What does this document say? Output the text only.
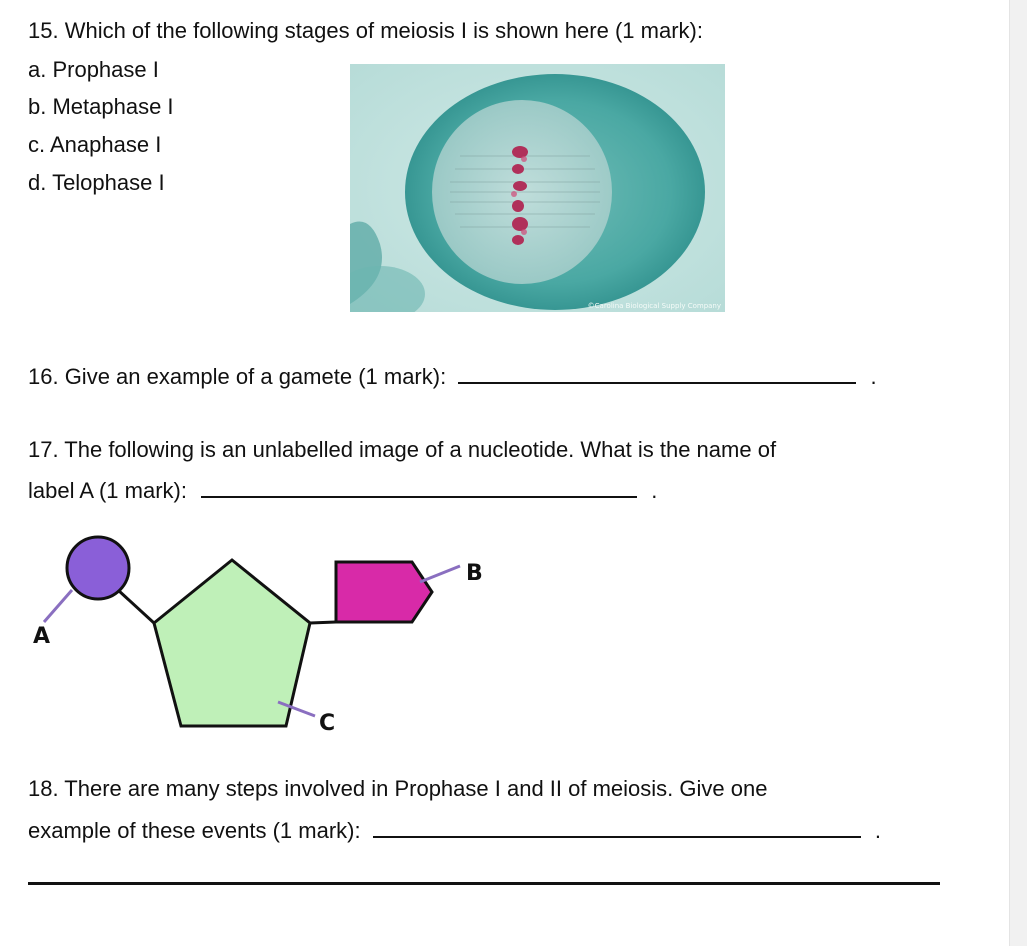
15. Which of the following stages of meiosis I is shown here (1 mark):
a. Prophase I
b. Metaphase I
c. Anaphase I
d. Telophase I
©Carolina Biological Supply Company
16. Give an example of a gamete (1 mark):	.
17. The following is an unlabelled image of a nucleotide. What is the name of
label A (1 mark):	.
A
B
C
18. There are many steps involved in Prophase I and II of meiosis. Give one
example of these events (1 mark):	.
